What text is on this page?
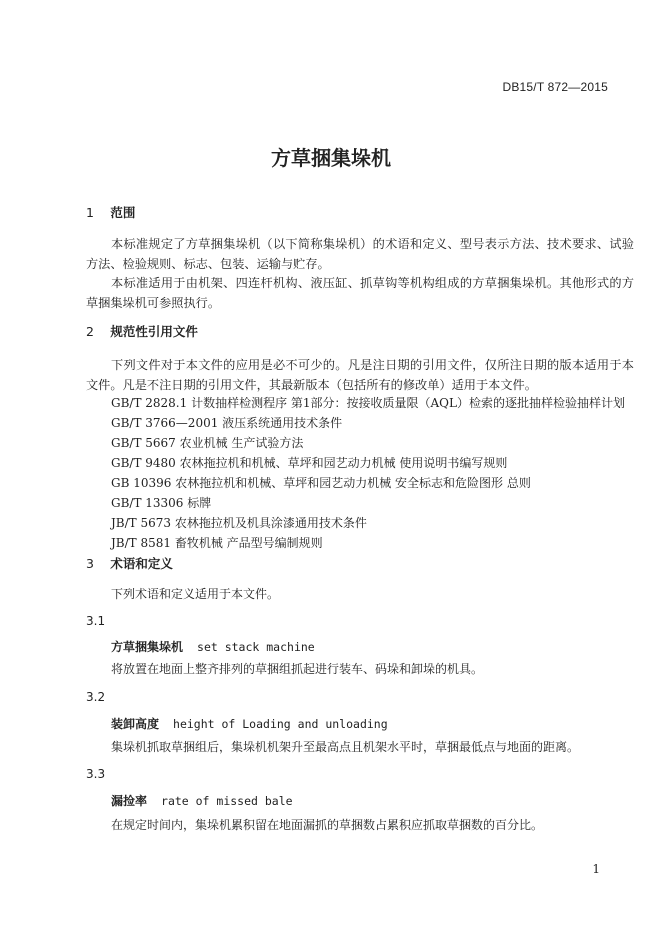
DB15/T 872—2015
方草捆集垛机
1 范围
本标准规定了方草捆集垛机（以下简称集垛机）的术语和定义、型号表示方法、技术要求、试验方法、检验规则、标志、包装、运输与贮存。
本标准适用于由机架、四连杆机构、液压缸、抓草钩等机构组成的方草捆集垛机。其他形式的方草捆集垛机可参照执行。
2 规范性引用文件
下列文件对于本文件的应用是必不可少的。凡是注日期的引用文件，仅所注日期的版本适用于本文件。凡是不注日期的引用文件，其最新版本（包括所有的修改单）适用于本文件。
GB/T 2828.1 计数抽样检测程序 第1部分：按接收质量限（AQL）检索的逐批抽样检验抽样计划
GB/T 3766—2001 液压系统通用技术条件
GB/T 5667 农业机械 生产试验方法
GB/T 9480 农林拖拉机和机械、草坪和园艺动力机械 使用说明书编写规则
GB 10396 农林拖拉机和机械、草坪和园艺动力机械 安全标志和危险图形 总则
GB/T 13306 标牌
JB/T 5673 农林拖拉机及机具涂漆通用技术条件
JB/T 8581 畜牧机械 产品型号编制规则
3 术语和定义
下列术语和定义适用于本文件。
3.1
方草捆集垛机 set stack machine
将放置在地面上整齐排列的草捆组抓起进行装车、码垛和卸垛的机具。
3.2
装卸高度 height of Loading and unloading
集垛机抓取草捆组后，集垛机机架升至最高点且机架水平时，草捆最低点与地面的距离。
3.3
漏捡率 rate of missed bale
在规定时间内，集垛机累积留在地面漏抓的草捆数占累积应抓取草捆数的百分比。
1
